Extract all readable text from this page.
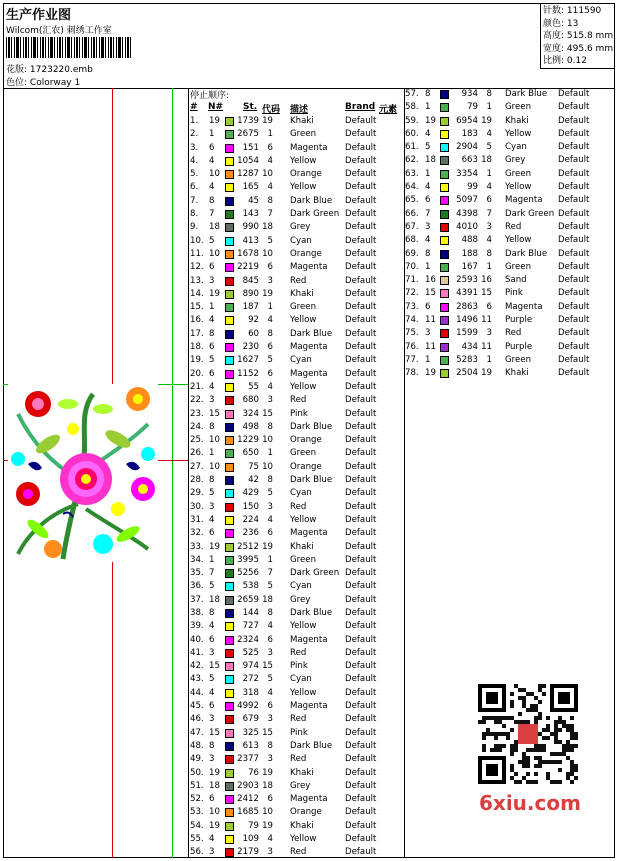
生产作业图
Wilcom(汇农) 刺绣工作室
花版: 1723220.emb
色位: Colorway 1
针数: 111590
颜色: 13
高度: 515.8 mm
宽度: 495.6 mm
比例: 0.12
停止顺序:
# N# St. 代码 描述	Brand 元素
1. 19	1739 19 Khaki	Default
2. 1	2675 1 Green	Default
3. 6	151 6 Magenta Default
4. 4	1054 4 Yellow	Default
5. 10	1287 10 Orange	Default
6. 4	165 4 Yellow	Default
7. 8	45 8 Dark Blue Default
8. 7	143 7 Dark Green Default
9. 18	990 18 Grey	Default
10. 5	413 5 Cyan	Default
11. 10	1678 10 Orange	Default
12. 6	2219 6 Magenta Default
13. 3	845 3 Red	Default
14. 19	890 19 Khaki	Default
15. 1	187 1 Green	Default
16. 4	92 4 Yellow	Default
17. 8	60 8 Dark Blue Default
18. 6	230 6 Magenta Default
19. 5	1627 5 Cyan	Default
20. 6	1152 6 Magenta Default
21. 4	55 4 Yellow	Default
22. 3	680 3 Red	Default
23. 15	324 15 Pink	Default
24. 8	498 8 Dark Blue Default
25. 10	1229 10 Orange	Default
26. 1	650 1 Green	Default
27. 10	75 10 Orange	Default
28. 8	42 8 Dark Blue Default
29. 5	429 5 Cyan	Default
30. 3	150 3 Red	Default
31. 4	224 4 Yellow	Default
32. 6	236 6 Magenta Default
33. 19	2512 19 Khaki	Default
34. 1	3995 1 Green	Default
35. 7	5256 7 Dark Green Default
36. 5	538 5 Cyan	Default
37. 18	2659 18 Grey	Default
38. 8	144 8 Dark Blue Default
39. 4	727 4 Yellow	Default
40. 6	2324 6 Magenta Default
41. 3	525 3 Red	Default
42. 15	974 15 Pink	Default
43. 5	272 5 Cyan	Default
44. 4	318 4 Yellow	Default
45. 6	4992 6 Magenta Default
46. 3	679 3 Red	Default
47. 15	325 15 Pink	Default
48. 8	613 8 Dark Blue Default
49. 3	2377 3 Red	Default
50. 19	76 19 Khaki	Default
51. 18	2903 18 Grey	Default
52. 6	2412 6 Magenta Default
53. 10	1685 10 Orange	Default
54. 19	79 19 Khaki	Default
55. 4	109 4 Yellow	Default
56. 3	2179 3 Red	Default
57. 8	934 8 Dark Blue Default
58. 1	79 1 Green	Default
59. 19	6954 19 Khaki	Default
60. 4	183 4 Yellow	Default
61. 5	2904 5 Cyan	Default
62. 18	663 18 Grey	Default
63. 1	3354 1 Green	Default
64. 4	99 4 Yellow	Default
65. 6	5097 6 Magenta Default
66. 7	4398 7 Dark Green Default
67. 3	4010 3 Red	Default
68. 4	488 4 Yellow	Default
69. 8	188 8 Dark Blue Default
70. 1	167 1 Green	Default
71. 16	2593 16 Sand	Default
72. 15	4391 15 Pink	Default
73. 6	2863 6 Magenta Default
74. 11	1496 11 Purple	Default
75. 3	1599 3 Red	Default
76. 11	434 11 Purple	Default
77. 1	5283 1 Green	Default
78. 19	2504 19 Khaki	Default
6xiu.com
